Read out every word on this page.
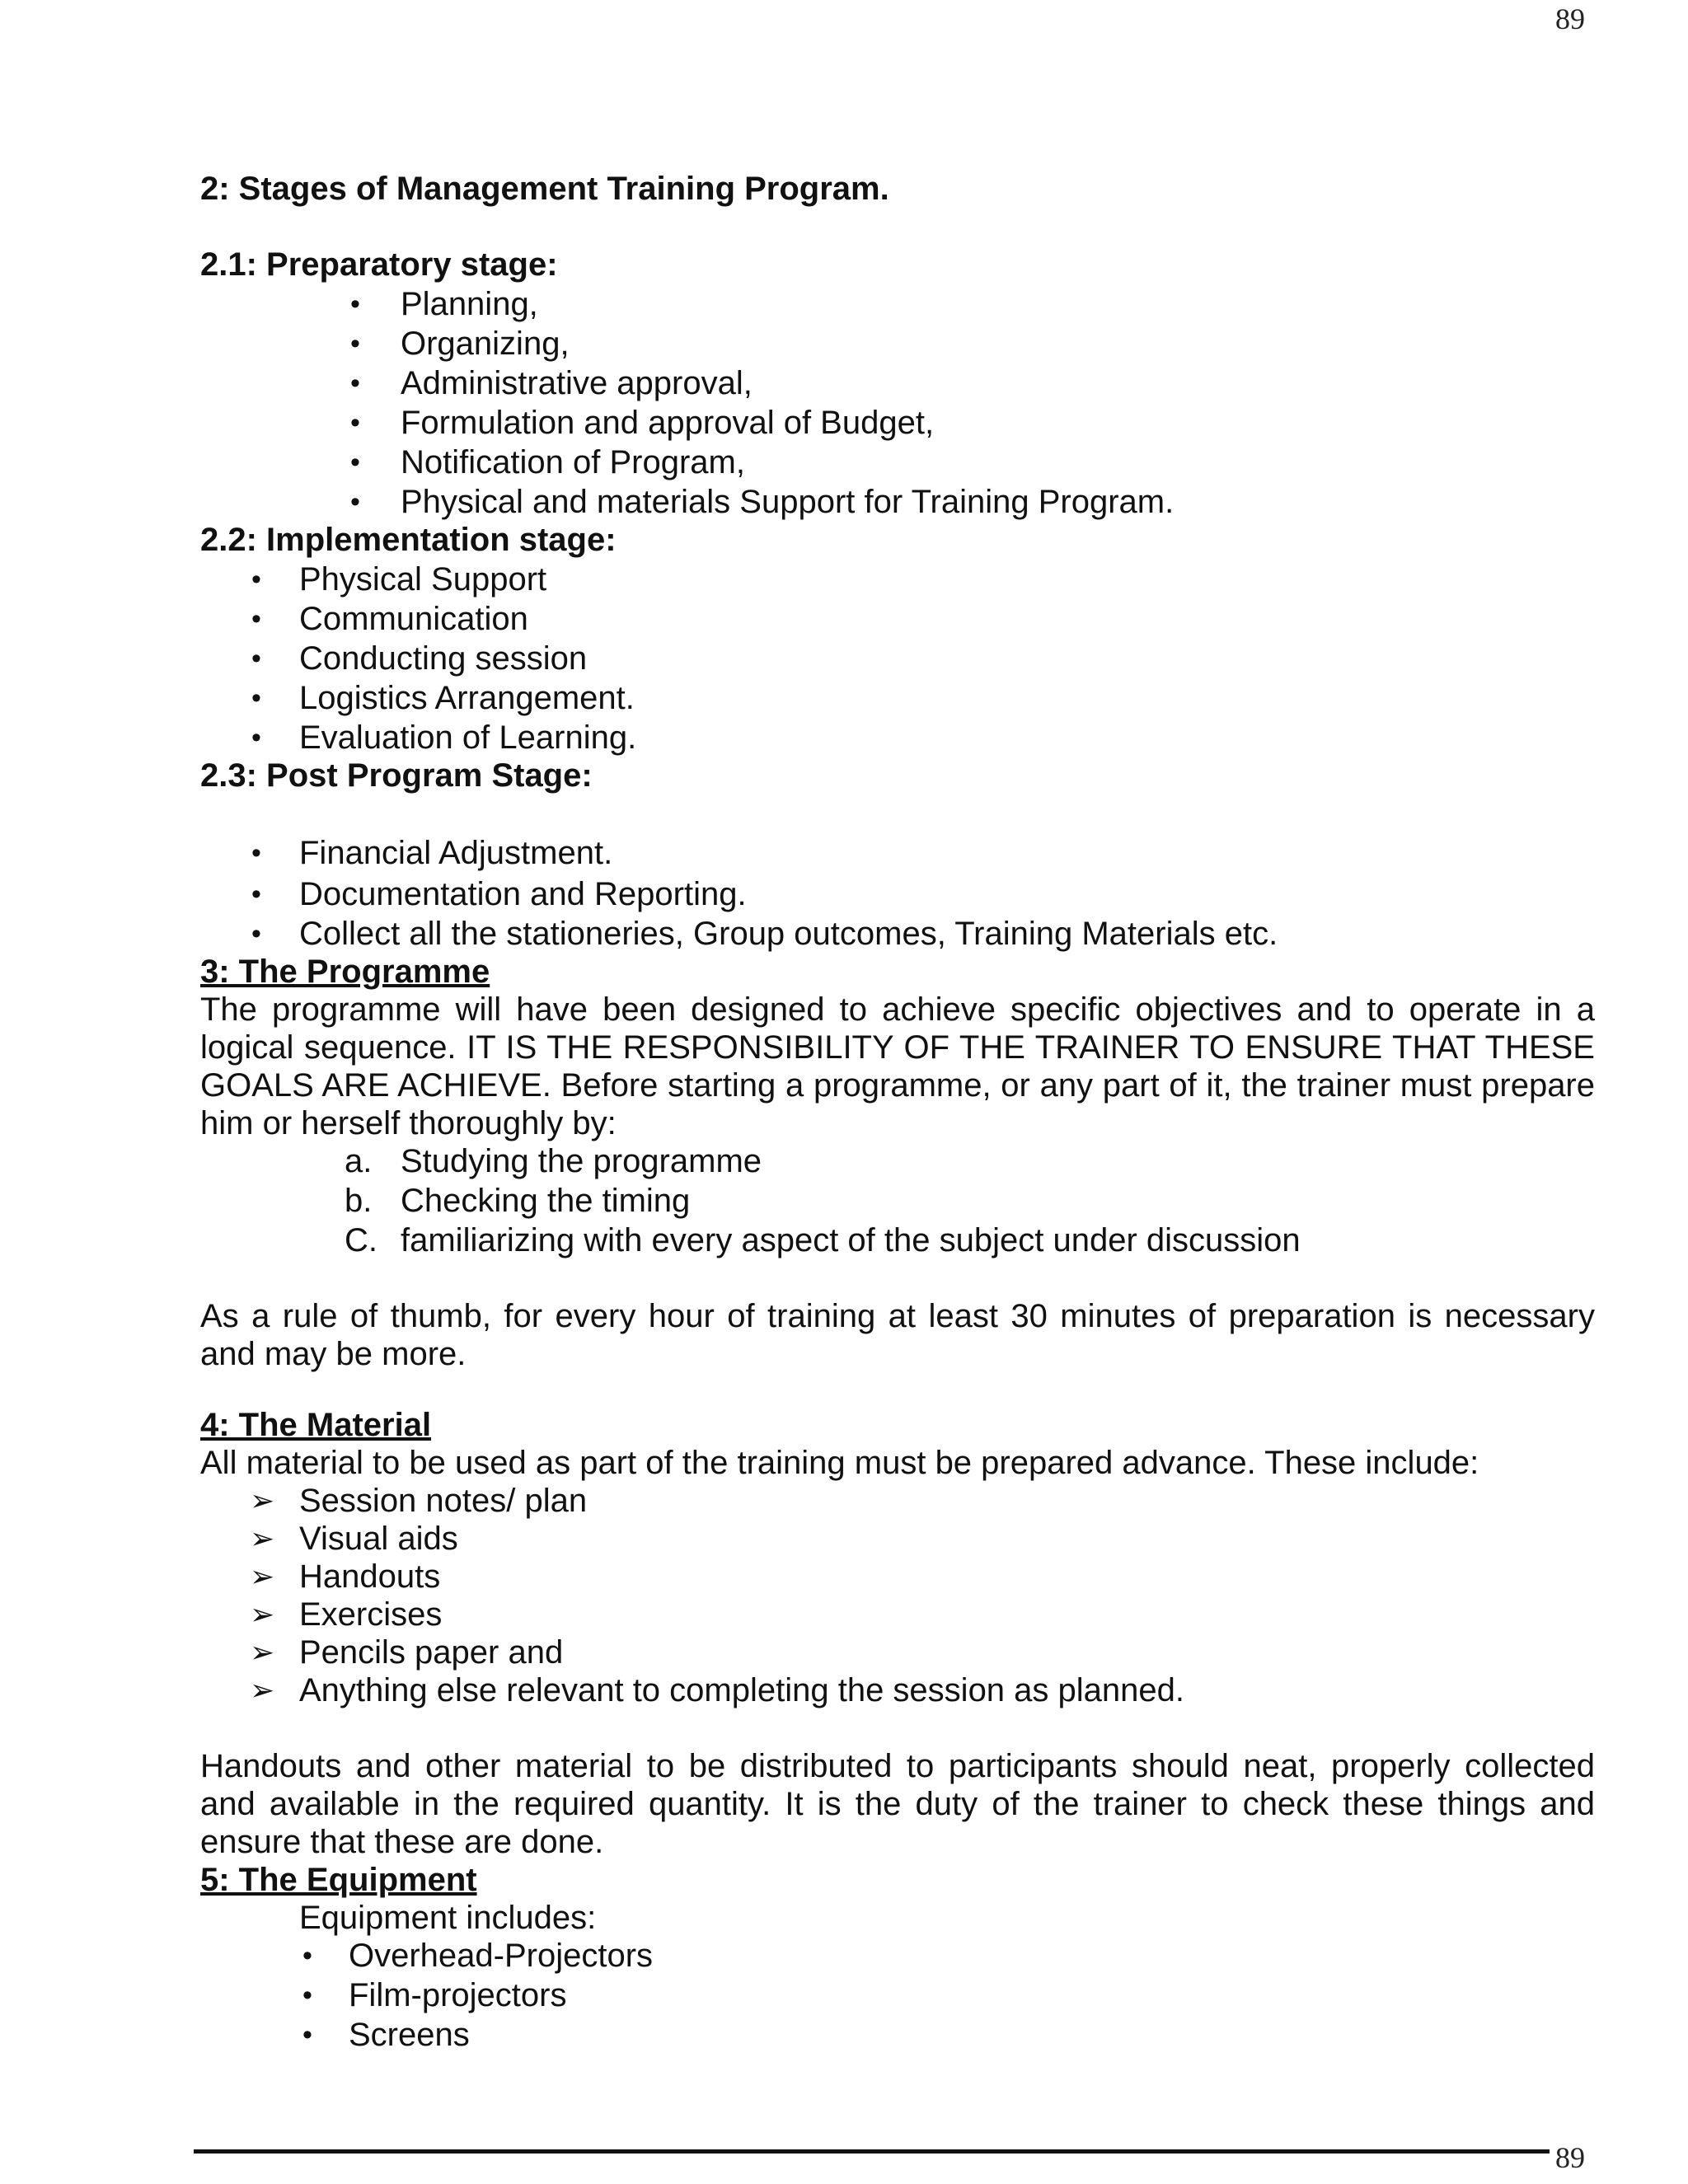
89

2: Stages of Management Training Program.

2.1: Preparatory stage:

• Planning,
• Organizing,
• Administrative approval,
• Formulation and approval of Budget,
• Notification of Program,
• Physical and materials Support for Training Program.

2.2: Implementation stage:

• Physical Support
• Communication
• Conducting session
• Logistics Arrangement.
• Evaluation of Learning.

2.3: Post Program Stage:

• Financial Adjustment.
• Documentation and Reporting.
• Collect all the stationeries, Group outcomes, Training Materials etc.

3: The Programme

The programme will have been designed to achieve specific objectives and to operate in a logical sequence. IT IS THE RESPONSIBILITY OF THE TRAINER TO ENSURE THAT THESE GOALS ARE ACHIEVE. Before starting a programme, or any part of it, the trainer must prepare him or herself thoroughly by:

a. Studying the programme
b. Checking the timing
C. familiarizing with every aspect of the subject under discussion

As a rule of thumb, for every hour of training at least 30 minutes of preparation is necessary and may be more.

4: The Material

All material to be used as part of the training must be prepared advance. These include:

➢ Session notes/ plan
➢ Visual aids
➢ Handouts
➢ Exercises
➢ Pencils paper and
➢ Anything else relevant to completing the session as planned.

Handouts and other material to be distributed to participants should neat, properly collected and available in the required quantity. It is the duty of the trainer to check these things and ensure that these are done.

5: The Equipment

Equipment includes:
• Overhead-Projectors
• Film-projectors
• Screens
89
